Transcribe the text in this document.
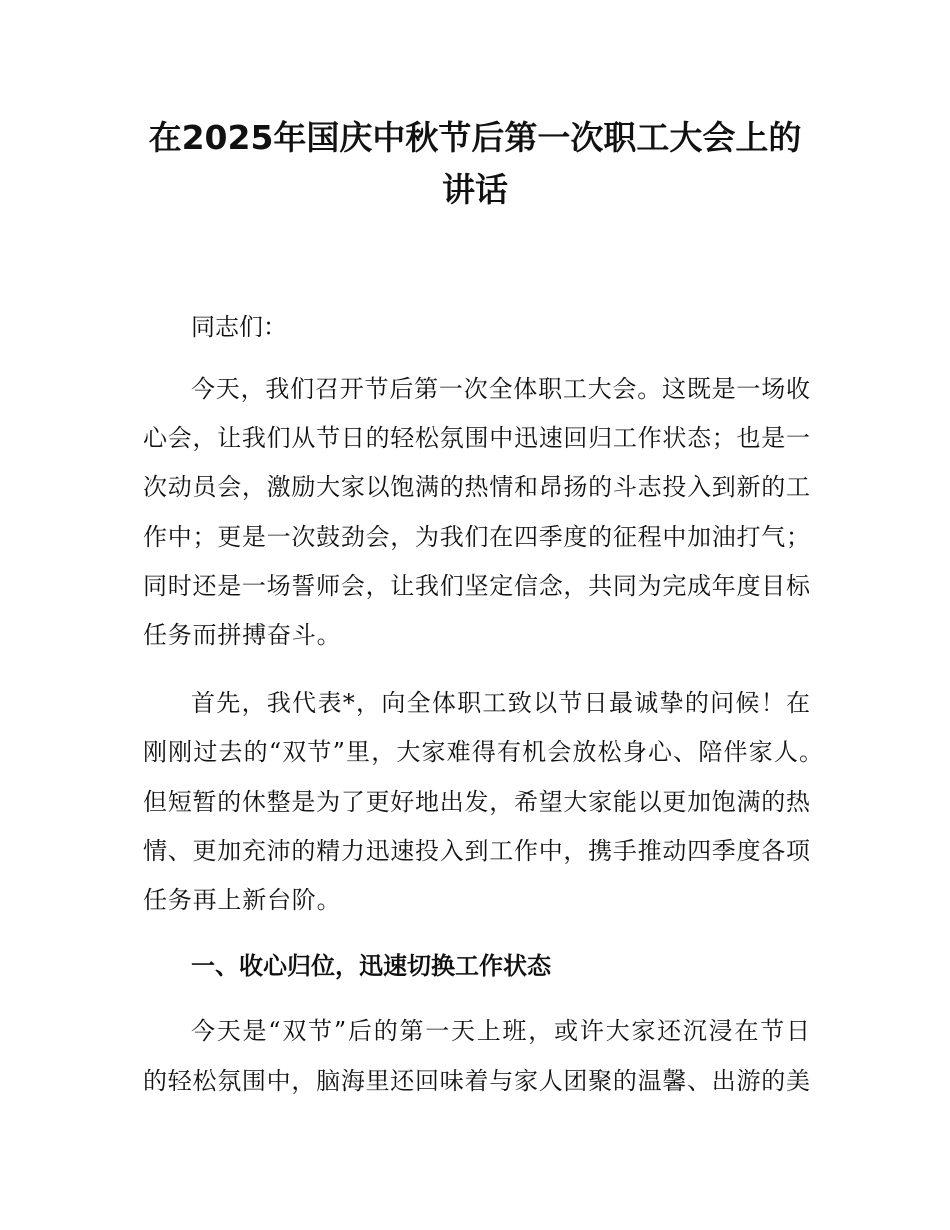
在2025年国庆中秋节后第一次职工大会上的
讲话
同志们：
今天，我们召开节后第一次全体职工大会。这既是一场收
心会，让我们从节日的轻松氛围中迅速回归工作状态；也是一
次动员会，激励大家以饱满的热情和昂扬的斗志投入到新的工
作中；更是一次鼓劲会，为我们在四季度的征程中加油打气；
同时还是一场誓师会，让我们坚定信念，共同为完成年度目标
任务而拼搏奋斗。
首先，我代表*，向全体职工致以节日最诚挚的问候！在
刚刚过去的“双节”里，大家难得有机会放松身心、陪伴家人。
但短暂的休整是为了更好地出发，希望大家能以更加饱满的热
情、更加充沛的精力迅速投入到工作中，携手推动四季度各项
任务再上新台阶。
一、收心归位，迅速切换工作状态
今天是“双节”后的第一天上班，或许大家还沉浸在节日
的轻松氛围中，脑海里还回味着与家人团聚的温馨、出游的美
